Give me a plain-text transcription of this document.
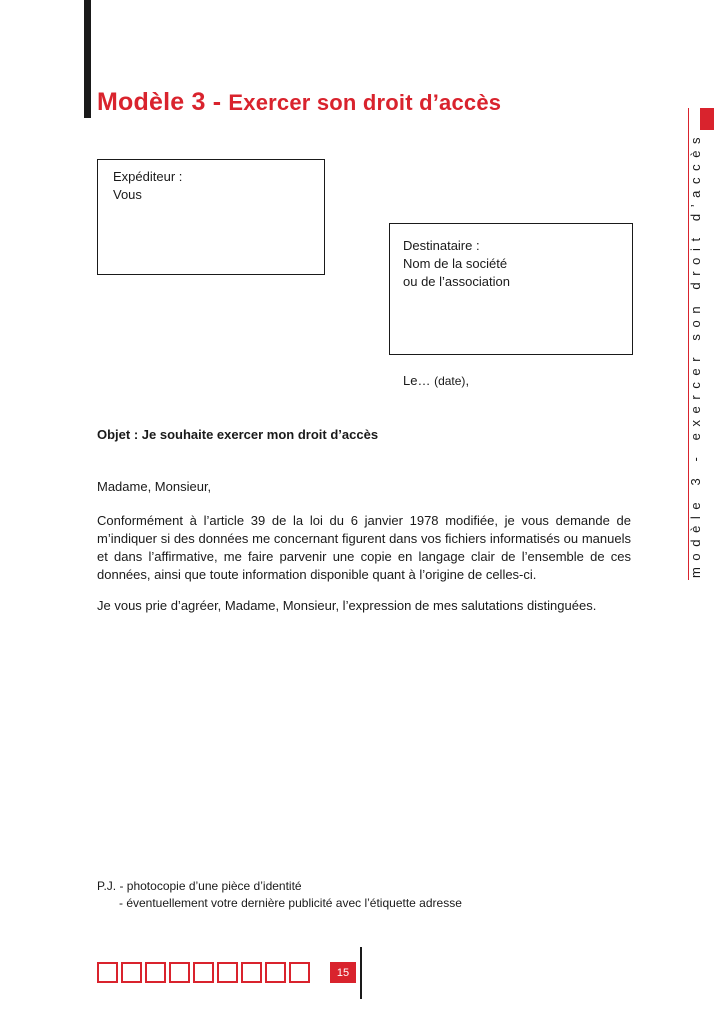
Modèle 3 - Exercer son droit d’accès
modèle 3 - exercer son droit d’accès
Expéditeur :
Vous
Destinataire :
Nom de la société
ou de l’association
Le… (date),
Objet : Je souhaite exercer mon droit d’accès
Madame, Monsieur,
Conformément à l’article 39 de la loi du 6 janvier 1978 modifiée, je vous demande de m’indiquer si des données me concernant figurent dans vos fichiers informatisés ou manuels et dans l’affirmative, me faire parvenir une copie en langage clair de l’ensemble de ces données, ainsi que toute information disponible quant à l’origine de celles-ci.
Je vous prie d’agréer, Madame, Monsieur, l’expression de mes salutations distinguées.
P.J. - photocopie d’une pièce d’identité
- éventuellement votre dernière publicité avec l’étiquette adresse
15
